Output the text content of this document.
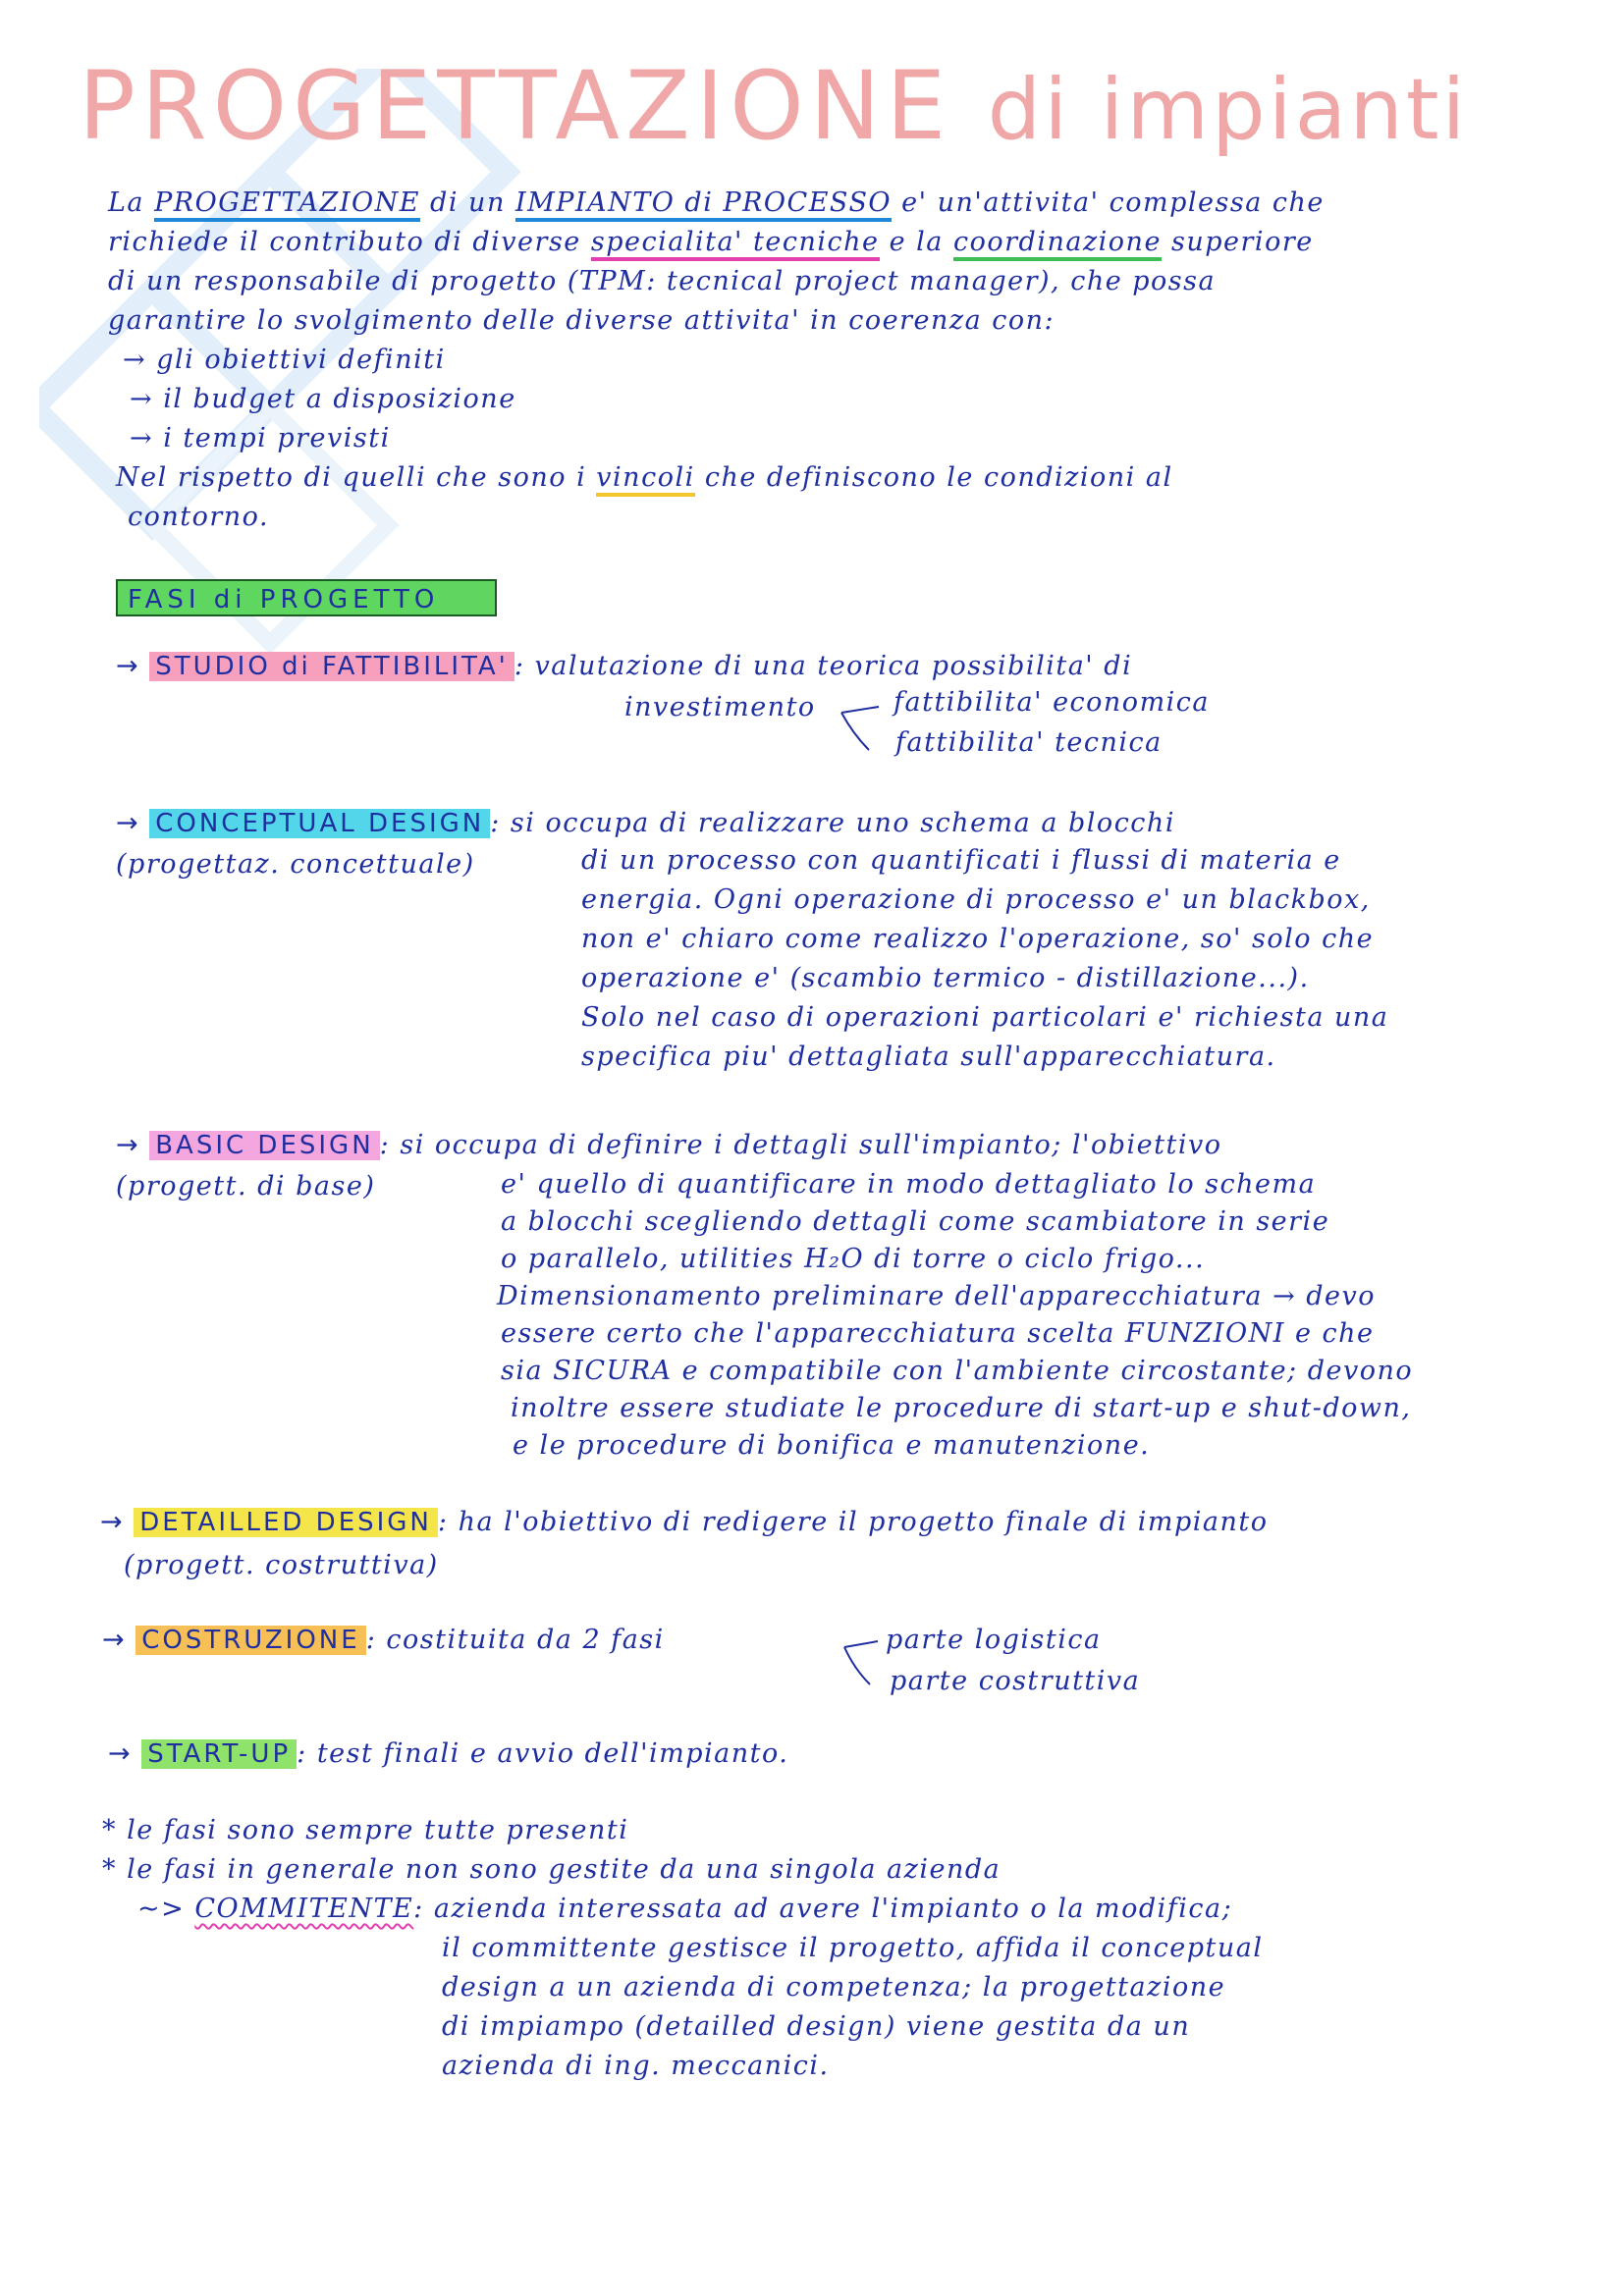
PROGETTAZIONE di impianti
La PROGETTAZIONE di un IMPIANTO di PROCESSO e' un'attivita' complessa che
richiede il contributo di diverse specialita' tecniche e la coordinazione superiore
di un responsabile di progetto (TPM: tecnical project manager), che possa
garantire lo svolgimento delle diverse attivita' in coerenza con:
→ gli obiettivi definiti
→ il budget a disposizione
→ i tempi previsti
Nel rispetto di quelli che sono i vincoli che definiscono le condizioni al
contorno.
FASI di PROGETTO
→ STUDIO di FATTIBILITA' : valutazione di una teorica possibilita' di
investimento	fattibilita' economica
fattibilita' tecnica
→ CONCEPTUAL DESIGN : si occupa di realizzare uno schema a blocchi
(progettaz. concettuale)	di un processo con quantificati i flussi di materia e
energia. Ogni operazione di processo e' un blackbox,
non e' chiaro come realizzo l'operazione, so' solo che
operazione e' (scambio termico - distillazione...).
Solo nel caso di operazioni particolari e' richiesta una
specifica piu' dettagliata sull'apparecchiatura.
→ BASIC DESIGN : si occupa di definire i dettagli sull'impianto; l'obiettivo
(progett. di base)	e' quello di quantificare in modo dettagliato lo schema
a blocchi scegliendo dettagli come scambiatore in serie
o parallelo, utilities H₂O di torre o ciclo frigo...
Dimensionamento preliminare dell'apparecchiatura → devo
essere certo che l'apparecchiatura scelta FUNZIONI e che
sia SICURA e compatibile con l'ambiente circostante; devono
inoltre essere studiate le procedure di start-up e shut-down,
e le procedure di bonifica e manutenzione.
→ DETAILLED DESIGN : ha l'obiettivo di redigere il progetto finale di impianto
(progett. costruttiva)
→ COSTRUZIONE : costituita da 2 fasi	parte logistica
parte costruttiva
→ START-UP : test finali e avvio dell'impianto.
* le fasi sono sempre tutte presenti
* le fasi in generale non sono gestite da una singola azienda
~> COMMITENTE: azienda interessata ad avere l'impianto o la modifica;
il committente gestisce il progetto, affida il conceptual
design a un azienda di competenza; la progettazione
di impiampo (detailled design) viene gestita da un
azienda di ing. meccanici.
